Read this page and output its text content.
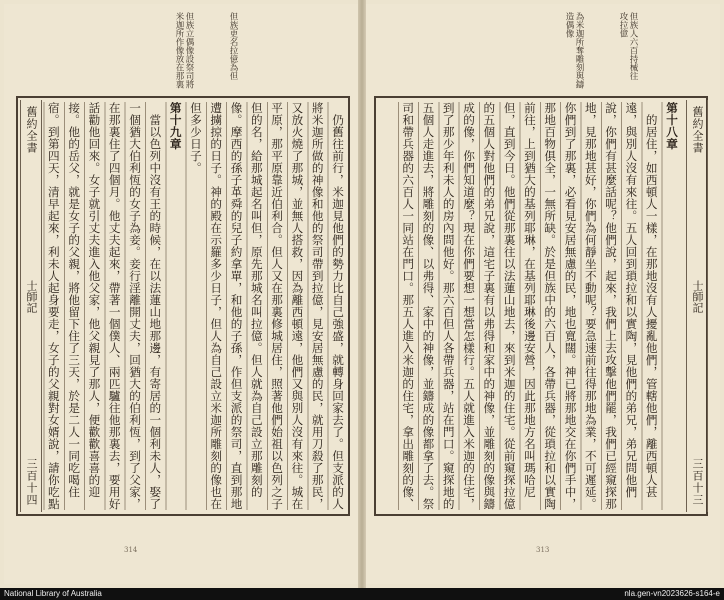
但族人六百持械往攻拉億
為米迦所奪雕刻與鑄造偶像
舊約全書
士師記
三百十三

第十八章

的居住，如西頓人一樣，在那地沒有人擾亂他們，管轄他們，離西頓人甚遠，與別人沒有來往。五人回到瑣拉和以實陶，見他們的弟兄，弟兄問他們說，你們有甚麼話呢？他們說，起來，我們上去攻擊他們罷，我們已經窺探那地，見那地甚好，你們為何靜坐不動呢？要急速前往得那地為業，不可遲延。你們到了那裏，必看見安居無慮的民，地也寬闊。神已將那地交在你們手中，那地百物俱全，一無所缺。於是但族中的六百人，各帶兵器，從瑣拉和以實陶前往，上到猶大的基列耶琳，在基列耶琳後邊安營，因此那地方名叫瑪哈尼但，直到今日。他們從那裏往以法蓮山地去，來到米迦的住宅。從前窺探拉億的五個人對他們的弟兄說，這宅子裏有以弗得和家中的神像，並雕刻的像與鑄成的像，你們知道麼？現在你們要想一想當怎樣行。五人就進入米迦的住宅，到了那少年利未人的房內問他好。那六百但人各帶兵器，站在門口。窺探地的五個人走進去，將雕刻的像、以弗得、家中的神像，並鑄成的像都拿了去。祭司和帶兵器的六百人一同站在門口。那五人進入米迦的住宅，拿出雕刻的像、

313
但族更名拉億為但
但族立偶像設祭司將米迦所作像放在那裏

仍舊往前行，米迦見他們的勢力比自己強盛，就轉身回家去了。但支派的人將米迦所做的神像和他的祭司帶到拉億，見安居無慮的民，就用刀殺了那民，又放火燒了那城，並無人搭救，因為離西頓遠，他們又與別人沒有來往。城在平原，那平原靠近伯利合。但人又在那裏修城居住，照著他們始祖以色列之子但的名，給那城起名叫但，原先那城名叫拉億。但人就為自己設立那雕刻的像。摩西的孫子革舜的兒子約拿單，和他的子孫，作但支派的祭司，直到那地遭擄掠的日子。神的殿在示羅多少日子，但人為自己設立米迦所雕刻的像也在但多少日子。

第十九章

當以色列中沒有王的時候，在以法蓮山地那邊，有寄居的一個利未人，娶了一個猶大伯利恆的女子為妾。妾行淫離開丈夫，回猶大的伯利恆，到了父家，在那裏住了四個月。他丈夫起來，帶著一個僕人、兩匹驢往他那裏去，要用好話勸他回來。女子就引丈夫進入他父家，他父親見了那人，便歡歡喜喜的迎接。他的岳父，就是女子的父親，將他留下住了三天，於是二人一同吃喝住宿。到第四天，清早起來，利未人起身要走，女子的父親對女婿說，請你吃點

舊約全書
士師記
三百十四
314
National Library of Australia	nla.gen-vn2023626-s164-e
